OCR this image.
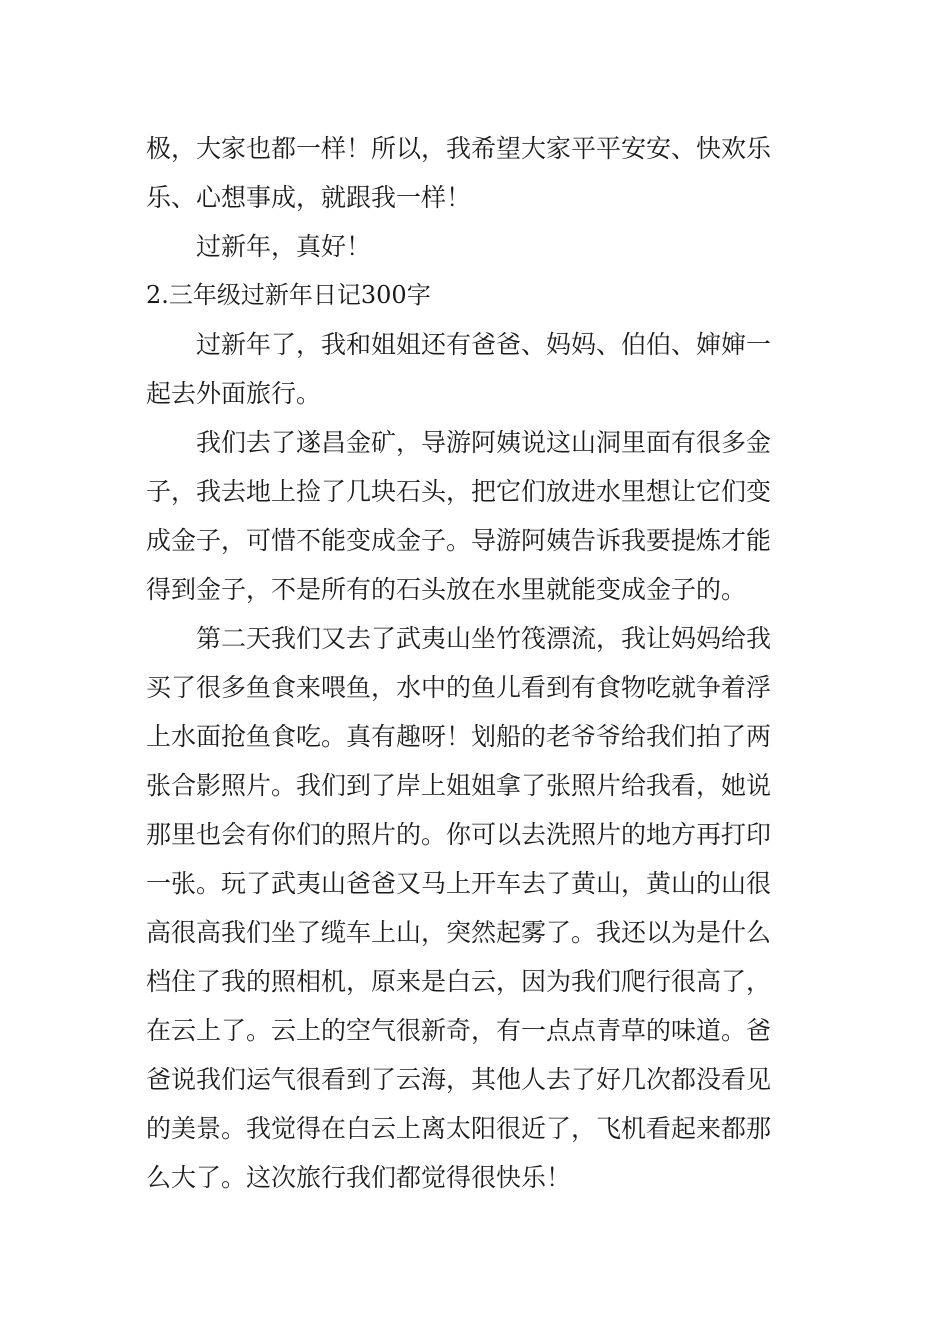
极，大家也都一样！所以，我希望大家平平安安、快欢乐
乐、心想事成，就跟我一样！
过新年，真好！
2.三年级过新年日记300字
过新年了，我和姐姐还有爸爸、妈妈、伯伯、婶婶一
起去外面旅行。
我们去了遂昌金矿，导游阿姨说这山洞里面有很多金
子，我去地上捡了几块石头，把它们放进水里想让它们变
成金子，可惜不能变成金子。导游阿姨告诉我要提炼才能
得到金子，不是所有的石头放在水里就能变成金子的。
第二天我们又去了武夷山坐竹筏漂流，我让妈妈给我
买了很多鱼食来喂鱼，水中的鱼儿看到有食物吃就争着浮
上水面抢鱼食吃。真有趣呀！划船的老爷爷给我们拍了两
张合影照片。我们到了岸上姐姐拿了张照片给我看，她说
那里也会有你们的照片的。你可以去洗照片的地方再打印
一张。玩了武夷山爸爸又马上开车去了黄山，黄山的山很
高很高我们坐了缆车上山，突然起雾了。我还以为是什么
档住了我的照相机，原来是白云，因为我们爬行很高了，
在云上了。云上的空气很新奇，有一点点青草的味道。爸
爸说我们运气很看到了云海，其他人去了好几次都没看见
的美景。我觉得在白云上离太阳很近了，飞机看起来都那
么大了。这次旅行我们都觉得很快乐！
